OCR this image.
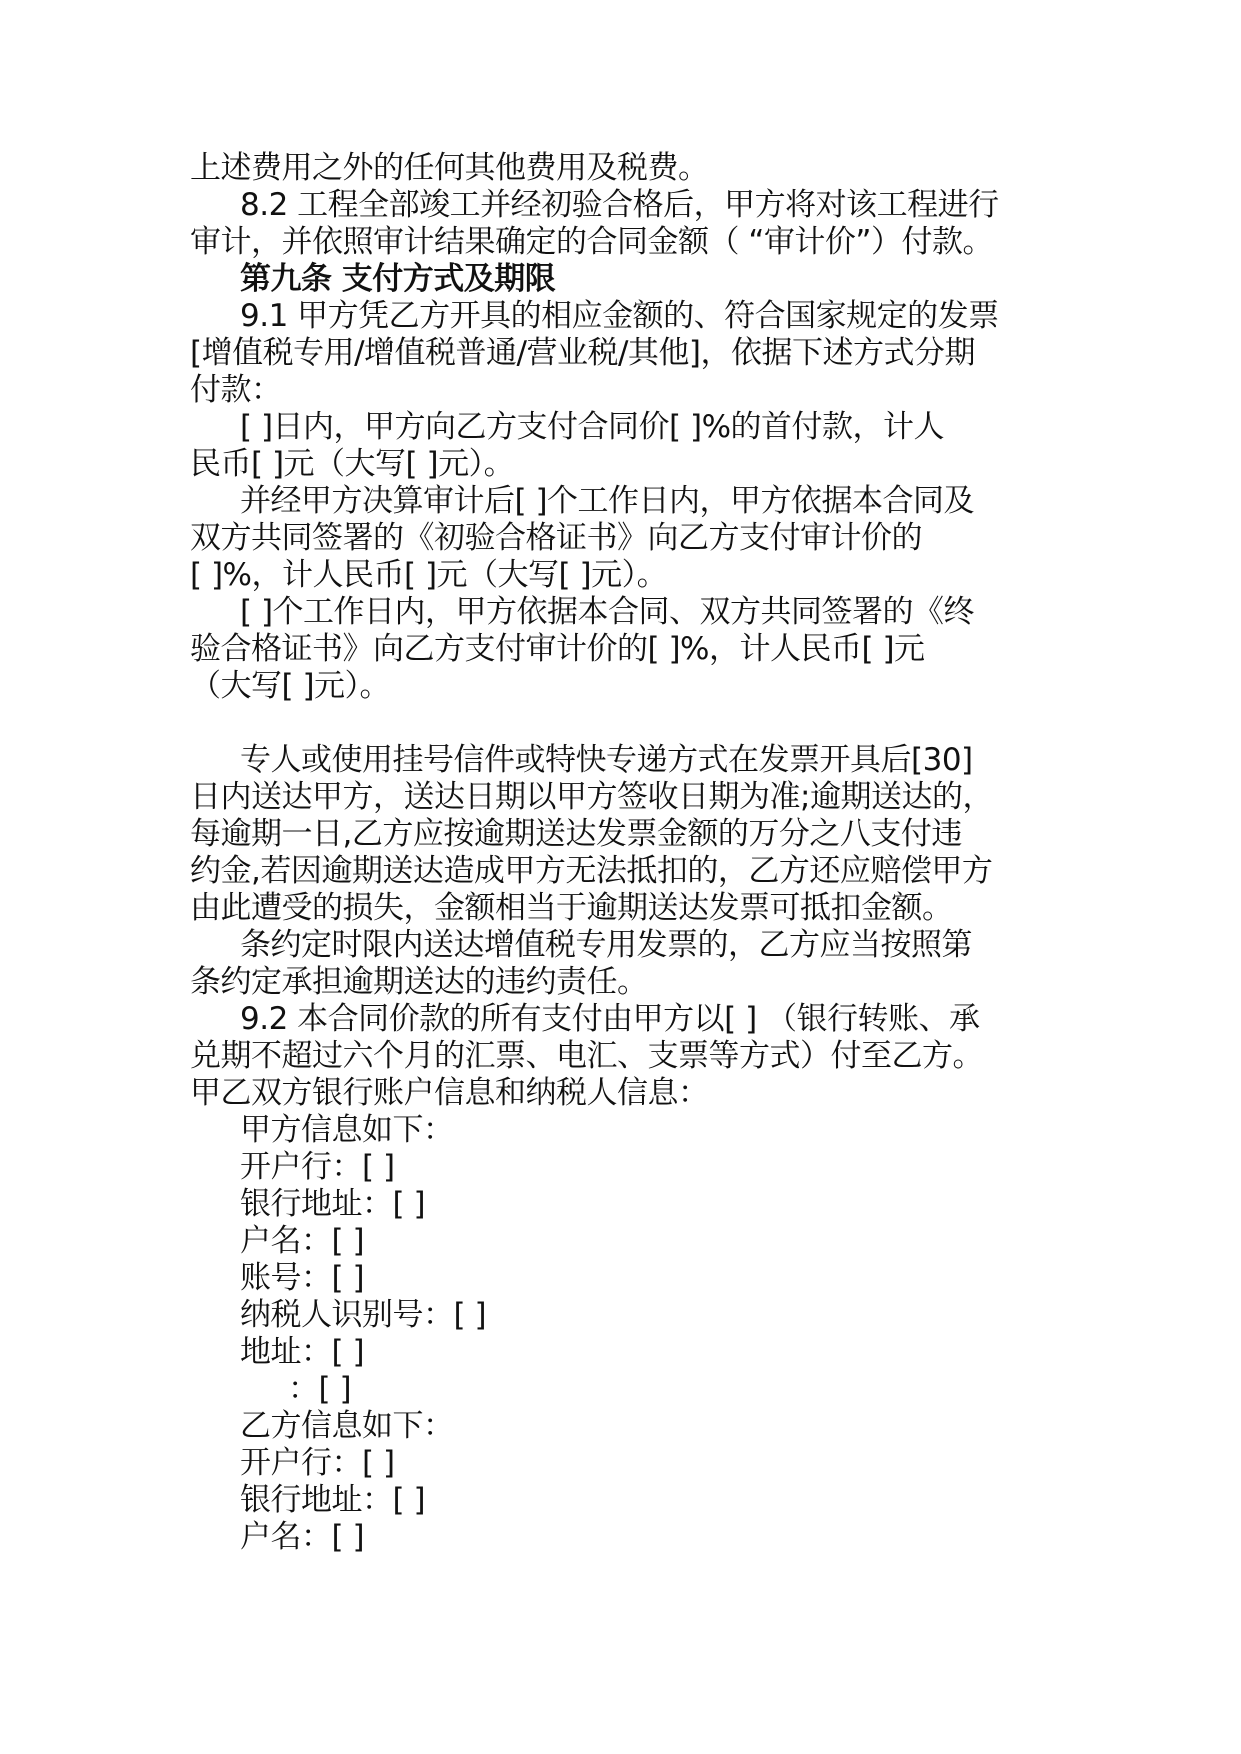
上述费用之外的任何其他费用及税费。
8.2 工程全部竣工并经初验合格后，甲方将对该工程进行
审计，并依照审计结果确定的合同金额（ “审计价”）付款。
第九条 支付方式及期限
9.1 甲方凭乙方开具的相应金额的、符合国家规定的发票
[增值税专用/增值税普通/营业税/其他]，依据下述方式分期
付款：
[ ]日内，甲方向乙方支付合同价[ ]%的首付款，计人
民币[ ]元（大写[ ]元）。
并经甲方决算审计后[ ]个工作日内，甲方依据本合同及
双方共同签署的《初验合格证书》向乙方支付审计价的
[ ]%，计人民币[ ]元（大写[ ]元）。
[ ]个工作日内，甲方依据本合同、双方共同签署的《终
验合格证书》向乙方支付审计价的[ ]%，计人民币[ ]元
（大写[ ]元）。
专人或使用挂号信件或特快专递方式在发票开具后[30]
日内送达甲方，送达日期以甲方签收日期为准;逾期送达的，
每逾期一日,乙方应按逾期送达发票金额的万分之八支付违
约金,若因逾期送达造成甲方无法抵扣的，乙方还应赔偿甲方
由此遭受的损失，金额相当于逾期送达发票可抵扣金额。
条约定时限内送达增值税专用发票的，乙方应当按照第
条约定承担逾期送达的违约责任。
9.2 本合同价款的所有支付由甲方以[ ] （银行转账、承
兑期不超过六个月的汇票、电汇、支票等方式）付至乙方。
甲乙双方银行账户信息和纳税人信息：
甲方信息如下：
开户行：[ ]
银行地址：[ ]
户名：[ ]
账号：[ ]
纳税人识别号：[ ]
地址：[ ]
：[ ]
乙方信息如下：
开户行：[ ]
银行地址：[ ]
户名：[ ]
